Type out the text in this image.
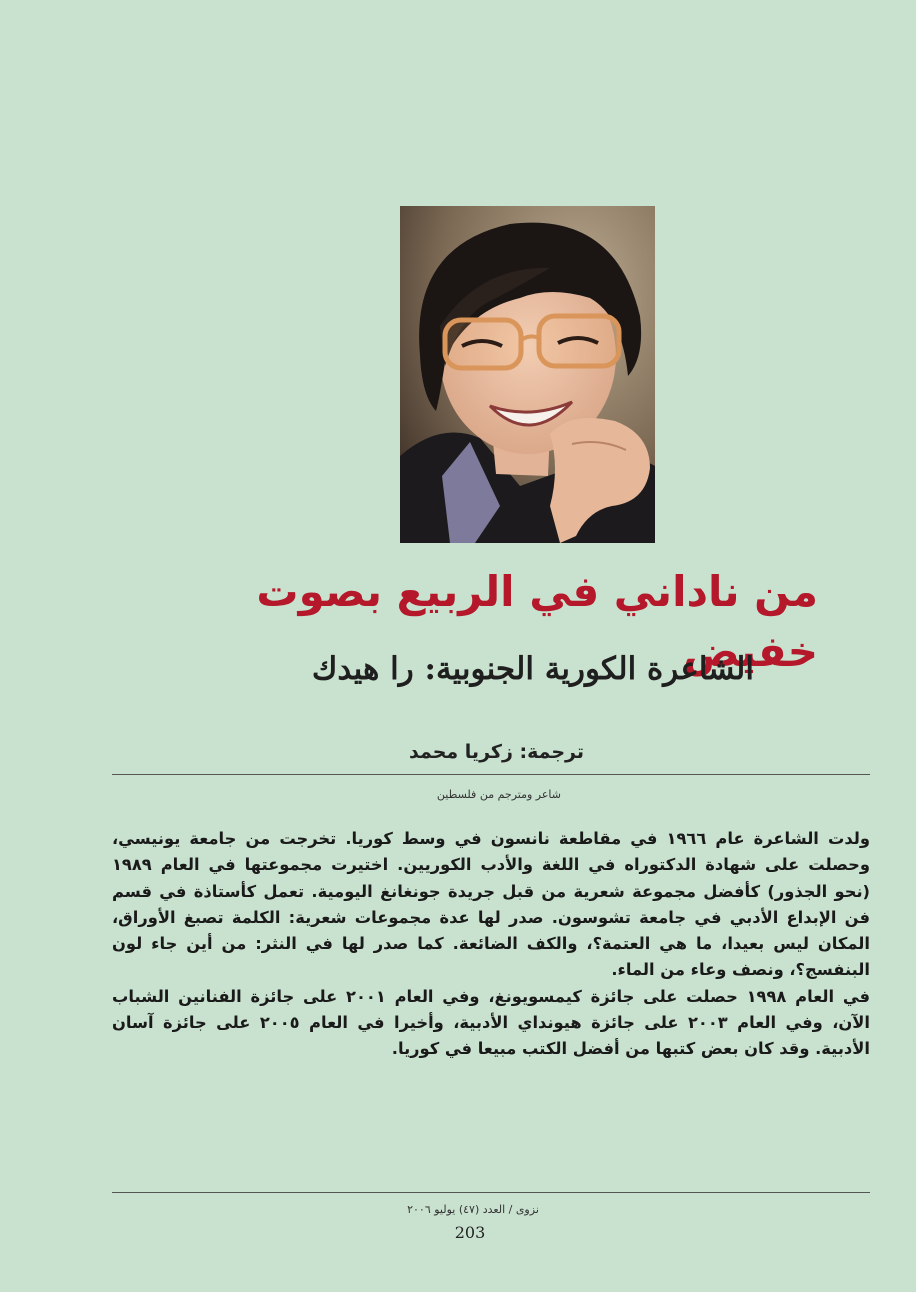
من ناداني في الربيع بصوت خفيض
الشاعرة الكورية الجنوبية: را هيدك
ترجمة: زكريا محمد
شاعر ومترجم من فلسطين

ولدت الشاعرة عام ١٩٦٦ في مقاطعة نانسون في وسط كوريا. تخرجت من جامعة يونيسي، وحصلت على شهادة الدكتوراه في اللغة والأدب الكوريين. اختيرت مجموعتها في العام ١٩٨٩ (نحو الجذور) كأفضل مجموعة شعرية من قبل جريدة جونغانغ اليومية. تعمل كأستاذة في قسم فن الإبداع الأدبي في جامعة تشوسون. صدر لها عدة مجموعات شعرية: الكلمة تصبغ الأوراق، المكان ليس بعيدا، ما هي العتمة؟، والكف الضائعة. كما صدر لها في النثر: من أين جاء لون البنفسج؟، ونصف وعاء من الماء.

في العام ١٩٩٨ حصلت على جائزة كيمسويونغ، وفي العام ٢٠٠١ على جائزة الفنانين الشباب الآن، وفي العام ٢٠٠٣ على جائزة هيونداي الأدبية، وأخيرا في العام ٢٠٠٥ على جائزة آسان الأدبية. وقد كان بعض كتبها من أفضل الكتب مبيعا في كوريا.

نزوى / العدد (٤٧) يوليو ٢٠٠٦
203
